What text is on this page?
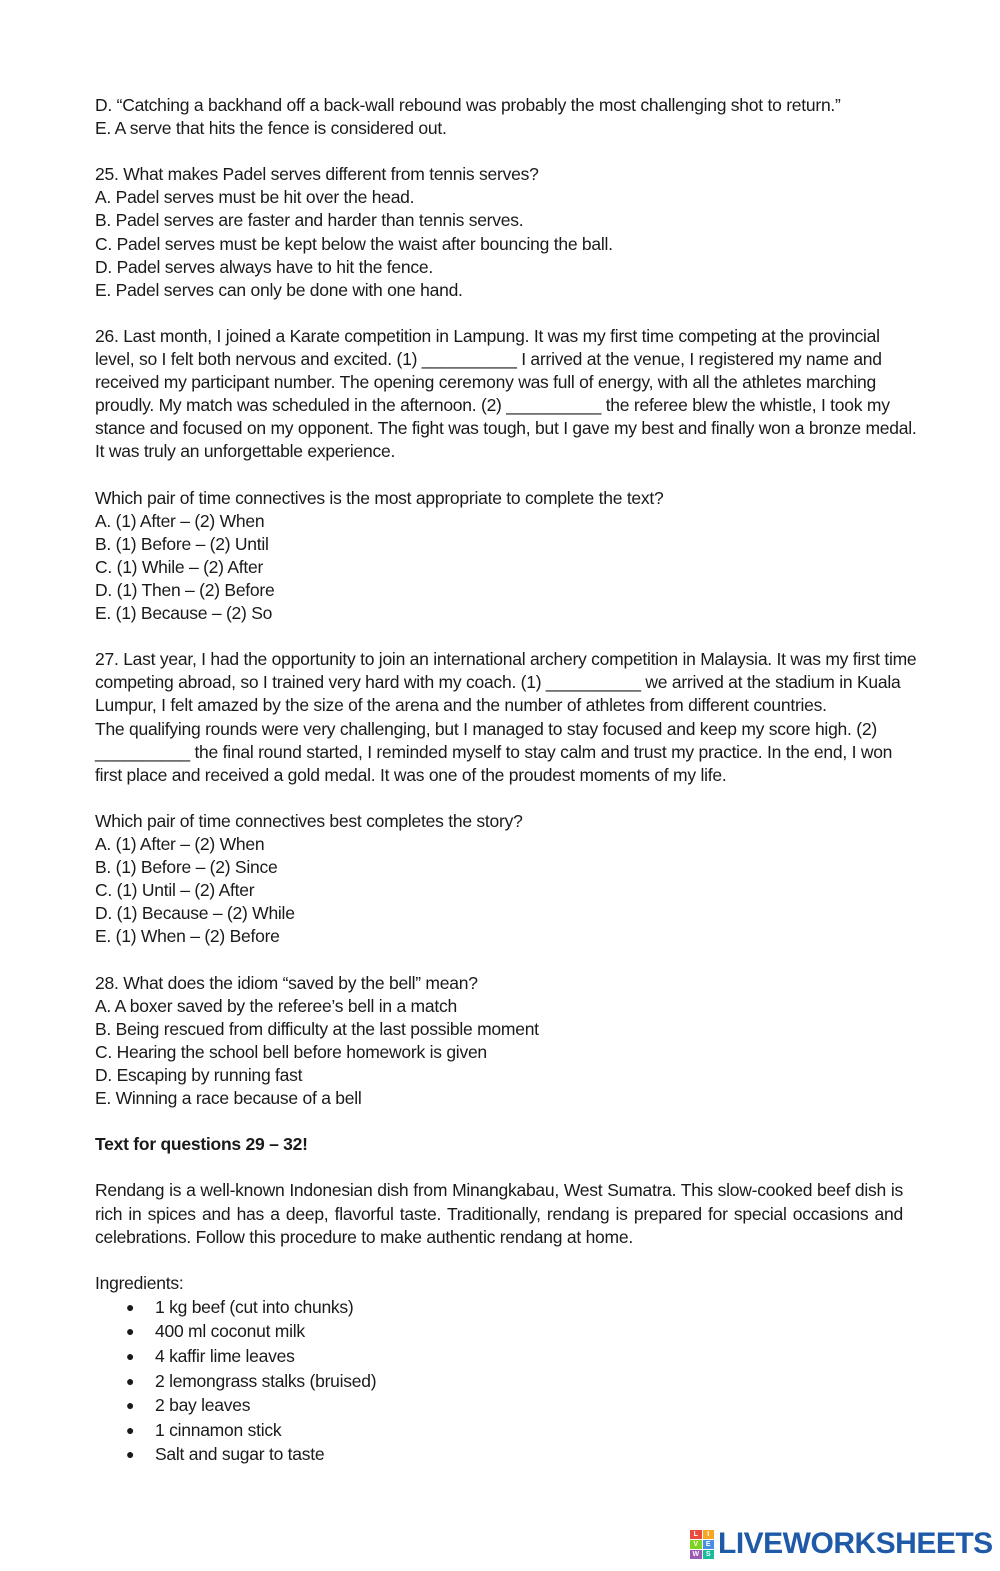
D. “Catching a backhand off a back-wall rebound was probably the most challenging shot to return.”
E. A serve that hits the fence is considered out.
25. What makes Padel serves different from tennis serves?
A. Padel serves must be hit over the head.
B. Padel serves are faster and harder than tennis serves.
C. Padel serves must be kept below the waist after bouncing the ball.
D. Padel serves always have to hit the fence.
E. Padel serves can only be done with one hand.
26. Last month, I joined a Karate competition in Lampung. It was my first time competing at the provincial
level, so I felt both nervous and excited. (1) __________ I arrived at the venue, I registered my name and
received my participant number. The opening ceremony was full of energy, with all the athletes marching
proudly. My match was scheduled in the afternoon. (2) __________ the referee blew the whistle, I took my
stance and focused on my opponent. The fight was tough, but I gave my best and finally won a bronze medal.
It was truly an unforgettable experience.
Which pair of time connectives is the most appropriate to complete the text?
A. (1) After – (2) When
B. (1) Before – (2) Until
C. (1) While – (2) After
D. (1) Then – (2) Before
E. (1) Because – (2) So
27. Last year, I had the opportunity to join an international archery competition in Malaysia. It was my first time
competing abroad, so I trained very hard with my coach. (1) __________ we arrived at the stadium in Kuala
Lumpur, I felt amazed by the size of the arena and the number of athletes from different countries.
The qualifying rounds were very challenging, but I managed to stay focused and keep my score high. (2)
__________ the final round started, I reminded myself to stay calm and trust my practice. In the end, I won
first place and received a gold medal. It was one of the proudest moments of my life.
Which pair of time connectives best completes the story?
A. (1) After – (2) When
B. (1) Before – (2) Since
C. (1) Until – (2) After
D. (1) Because – (2) While
E. (1) When – (2) Before
28. What does the idiom “saved by the bell” mean?
A. A boxer saved by the referee’s bell in a match
B. Being rescued from difficulty at the last possible moment
C. Hearing the school bell before homework is given
D. Escaping by running fast
E. Winning a race because of a bell
Text for questions 29 – 32!
Rendang is a well-known Indonesian dish from Minangkabau, West Sumatra. This slow-cooked beef dish is rich in spices and has a deep, flavorful taste. Traditionally, rendang is prepared for special occasions and celebrations. Follow this procedure to make authentic rendang at home.
Ingredients:
● 1 kg beef (cut into chunks)
● 400 ml coconut milk
● 4 kaffir lime leaves
● 2 lemongrass stalks (bruised)
● 2 bay leaves
● 1 cinnamon stick
● Salt and sugar to taste
L	I
V	E
W S LIVEWORKSHEETS
